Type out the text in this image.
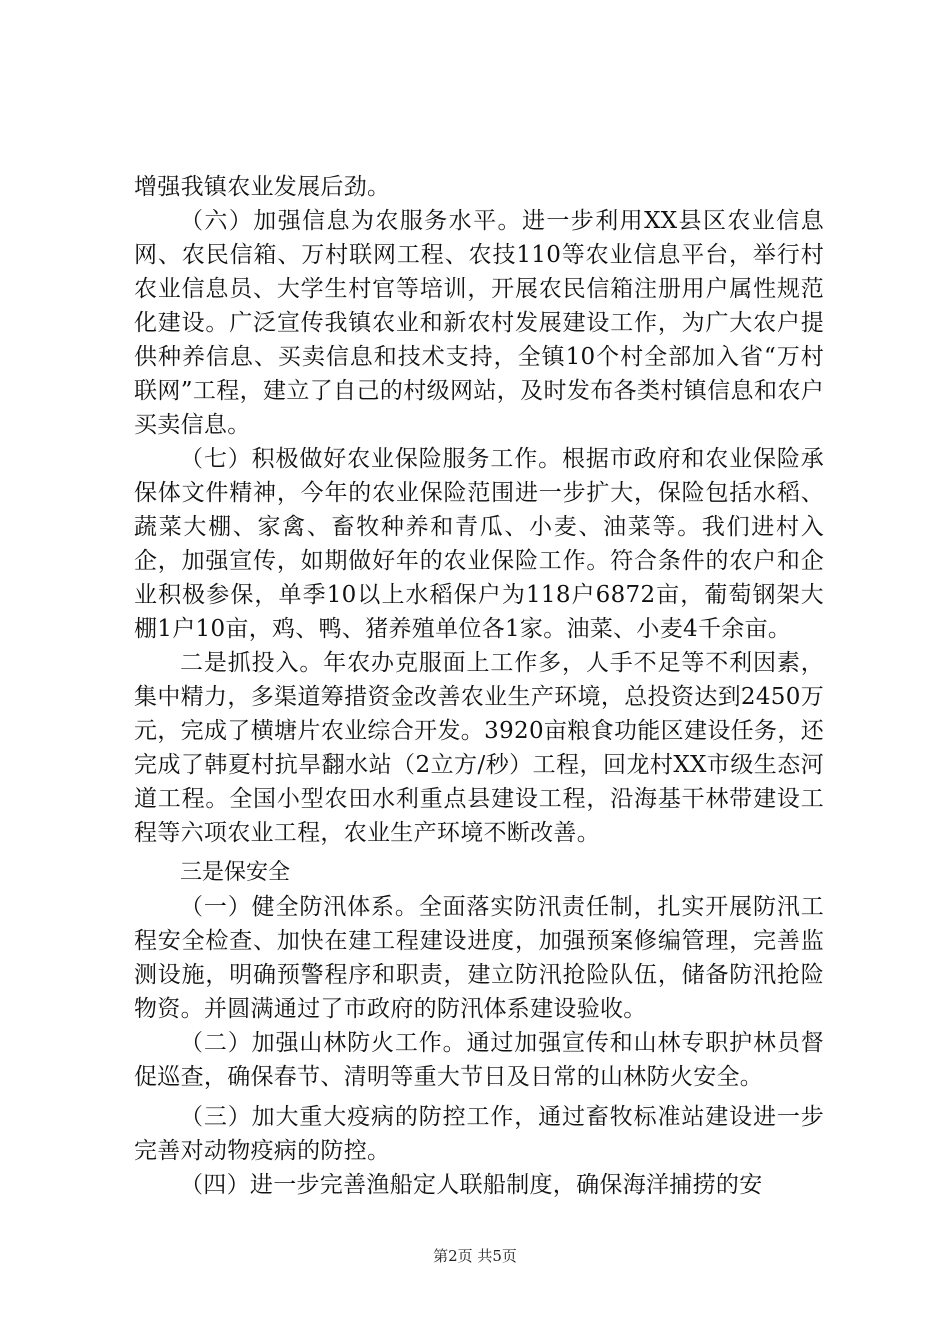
增强我镇农业发展后劲。

（六）加强信息为农服务水平。进一步利用XX县区农业信息网、农民信箱、万村联网工程、农技110等农业信息平台，举行村农业信息员、大学生村官等培训，开展农民信箱注册用户属性规范化建设。广泛宣传我镇农业和新农村发展建设工作，为广大农户提供种养信息、买卖信息和技术支持，全镇10个村全部加入省“万村联网”工程，建立了自己的村级网站，及时发布各类村镇信息和农户买卖信息。

（七）积极做好农业保险服务工作。根据市政府和农业保险承保体文件精神，今年的农业保险范围进一步扩大，保险包括水稻、蔬菜大棚、家禽、畜牧种养和青瓜、小麦、油菜等。我们进村入企，加强宣传，如期做好年的农业保险工作。符合条件的农户和企业积极参保，单季10以上水稻保户为118户6872亩，葡萄钢架大棚1户10亩，鸡、鸭、猪养殖单位各1家。油菜、小麦4千余亩。

二是抓投入。年农办克服面上工作多，人手不足等不利因素，集中精力，多渠道筹措资金改善农业生产环境，总投资达到2450万元，完成了横塘片农业综合开发。3920亩粮食功能区建设任务，还完成了韩夏村抗旱翻水站（2立方/秒）工程，回龙村XX市级生态河道工程。全国小型农田水利重点县建设工程，沿海基干林带建设工程等六项农业工程，农业生产环境不断改善。

三是保安全

（一）健全防汛体系。全面落实防汛责任制，扎实开展防汛工程安全检查、加快在建工程建设进度，加强预案修编管理，完善监测设施，明确预警程序和职责，建立防汛抢险队伍，储备防汛抢险物资。并圆满通过了市政府的防汛体系建设验收。

（二）加强山林防火工作。通过加强宣传和山林专职护林员督促巡查，确保春节、清明等重大节日及日常的山林防火安全。

（三）加大重大疫病的防控工作，通过畜牧标准站建设进一步完善对动物疫病的防控。

（四）进一步完善渔船定人联船制度，确保海洋捕捞的安

第2页 共5页
